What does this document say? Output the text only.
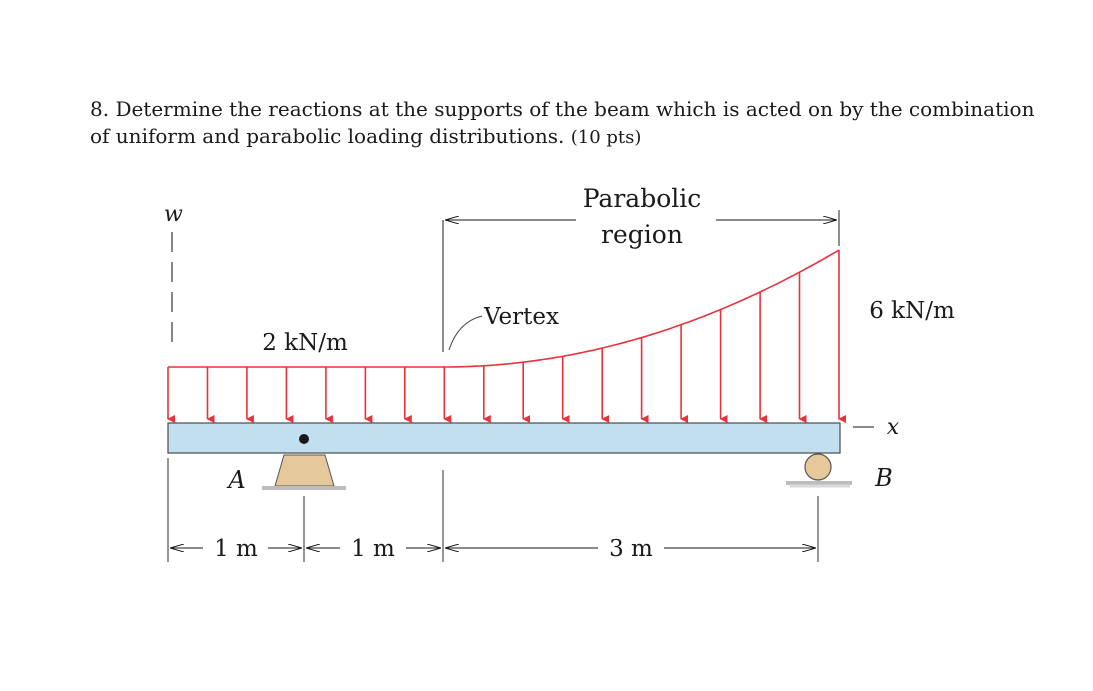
8. Determine the reactions at the supports of the beam which is acted on by the combination of uniform and parabolic loading distributions. (10 pts)
w
Parabolic
region
Vertex
2 kN/m
6 kN/m
x
A	B
1 m	1 m	3 m
